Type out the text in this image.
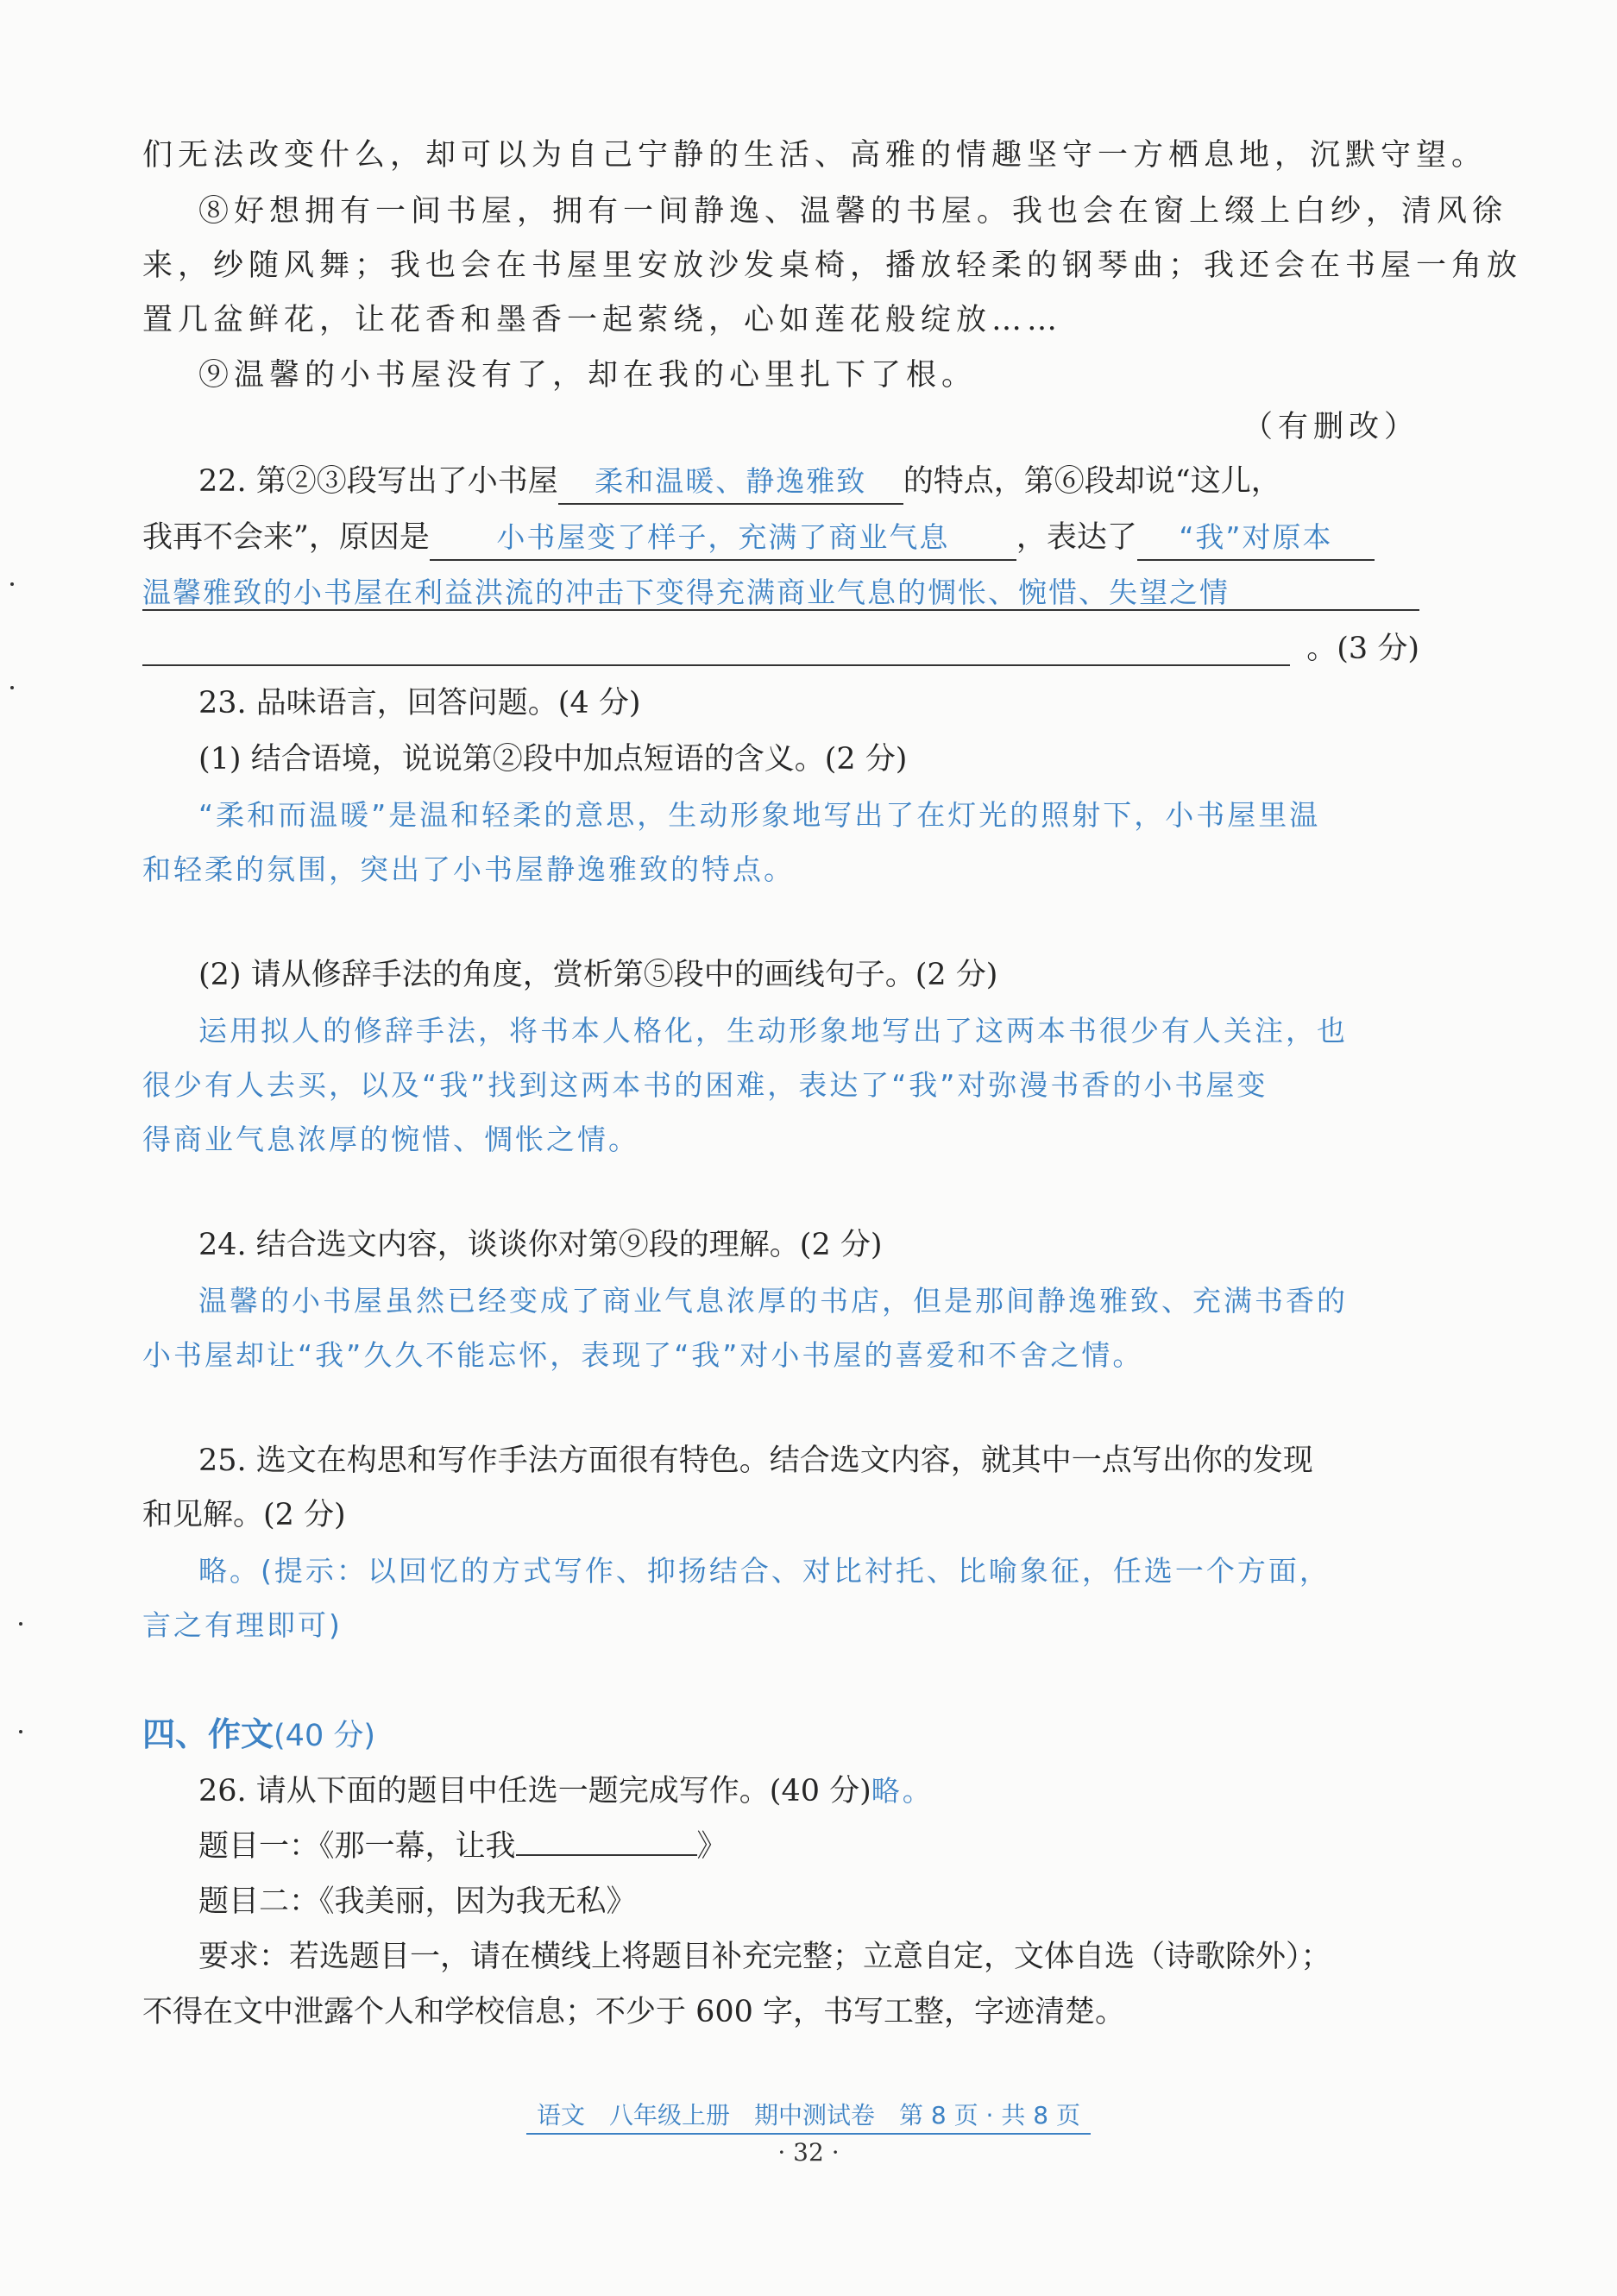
们无法改变什么，却可以为自己宁静的生活、高雅的情趣坚守一方栖息地，沉默守望。
⑧好想拥有一间书屋，拥有一间静逸、温馨的书屋。我也会在窗上缀上白纱，清风徐
来，纱随风舞；我也会在书屋里安放沙发桌椅，播放轻柔的钢琴曲；我还会在书屋一角放
置几盆鲜花，让花香和墨香一起萦绕，心如莲花般绽放……
⑨温馨的小书屋没有了，却在我的心里扎下了根。
（有删改）
22. 第②③段写出了小书屋 柔和温暖、静逸雅致 的特点，第⑥段却说“这儿，
我再不会来”，原因是 小书屋变了样子，充满了商业气息 ，表达了 “我”对原本
温馨雅致的小书屋在利益洪流的冲击下变得充满商业气息的惆怅、惋惜、失望之情
。(3 分)
23. 品味语言，回答问题。(4 分)
(1) 结合语境，说说第②段中加点短语的含义。(2 分)
“柔和而温暖”是温和轻柔的意思，生动形象地写出了在灯光的照射下，小书屋里温
和轻柔的氛围，突出了小书屋静逸雅致的特点。
(2) 请从修辞手法的角度，赏析第⑤段中的画线句子。(2 分)
运用拟人的修辞手法，将书本人格化，生动形象地写出了这两本书很少有人关注，也
很少有人去买，以及“我”找到这两本书的困难，表达了“我”对弥漫书香的小书屋变
得商业气息浓厚的惋惜、惆怅之情。
24. 结合选文内容，谈谈你对第⑨段的理解。(2 分)
温馨的小书屋虽然已经变成了商业气息浓厚的书店，但是那间静逸雅致、充满书香的
小书屋却让“我”久久不能忘怀，表现了“我”对小书屋的喜爱和不舍之情。
25. 选文在构思和写作手法方面很有特色。结合选文内容，就其中一点写出你的发现
和见解。(2 分)
略。(提示：以回忆的方式写作、抑扬结合、对比衬托、比喻象征，任选一个方面，
言之有理即可)
四、作文(40 分)
26. 请从下面的题目中任选一题完成写作。(40 分)略。
题目一：《那一幕，让我	》
题目二：《我美丽，因为我无私》
要求：若选题目一，请在横线上将题目补充完整；立意自定，文体自选（诗歌除外）；
不得在文中泄露个人和学校信息；不少于 600 字，书写工整，字迹清楚。
语文　八年级上册　期中测试卷　第 8 页 · 共 8 页
· 32 ·
